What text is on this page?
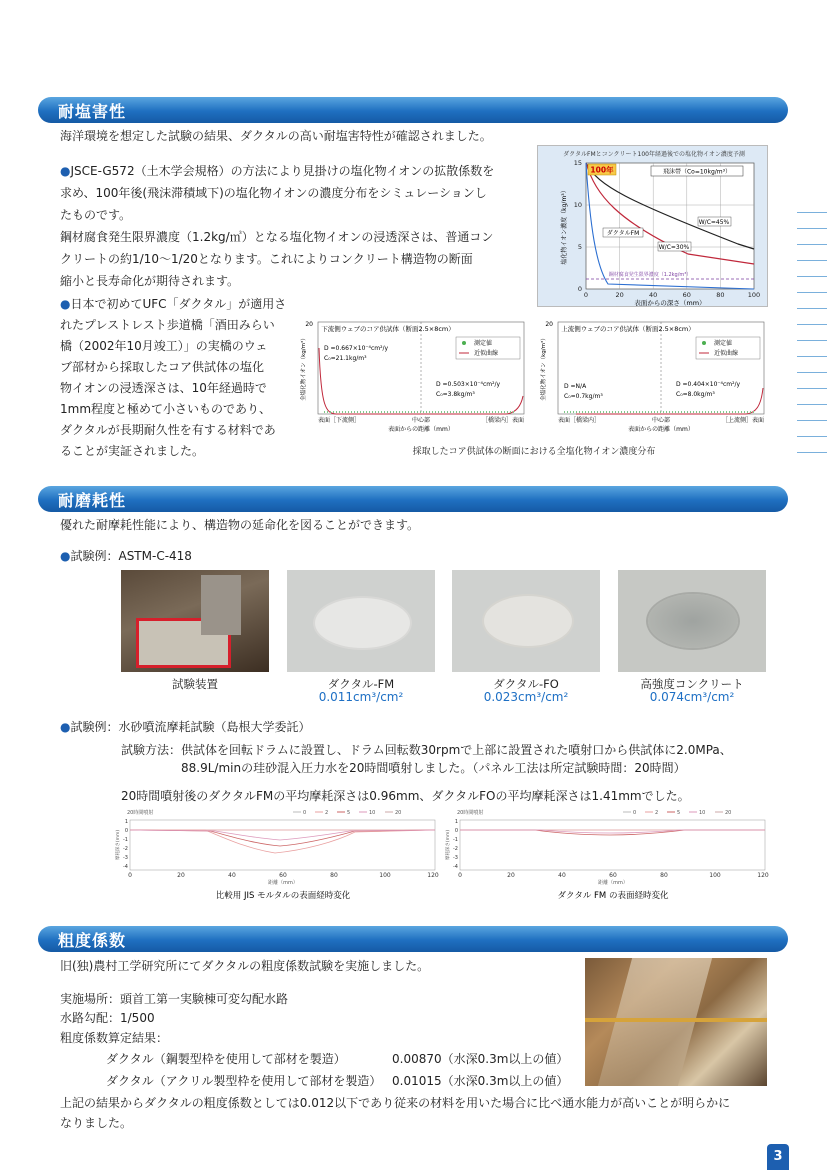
耐塩害性
海洋環境を想定した試験の結果、ダクタルの高い耐塩害特性が確認されました。
●JSCE-G572（土木学会規格）の方法により見掛けの塩化物イオンの拡散係数を
求め、100年後(飛沫滞積域下)の塩化物イオンの濃度分布をシミュレーションし
たものです。
鋼材腐食発生限界濃度（1.2kg/㎥）となる塩化物イオンの浸透深さは、普通コン
クリートの約1/10～1/20となります。これによりコンクリート構造物の断面
縮小と長寿命化が期待されます。
●日本で初めてUFC「ダクタル」が適用さ
れたプレストレスト歩道橋「酒田みらい
橋（2002年10月竣工）」の実橋のウェ
ブ部材から採取したコア供試体の塩化
物イオンの浸透深さは、10年経過時で
1mm程度と極めて小さいものであり、
ダクタルが長期耐久性を有する材料であ
ることが実証されました。
ダクタルFMとコンクリート100年経過後での塩化物イオン濃度予測
100年	飛沫帯（Co=10kg/m³）
W/C=45%
ダクタルFM
W/C=30%
鋼材腐食発生限界濃度（1.2kg/m³）
0	20	40	60	80	100
0
5
10
15
表面からの深さ（mm）
塩化物イオン濃度（kg/m³）
下流側ウェブのコア供試体（断面2.5×8cm）
20
D =0.667×10⁻⁴cm²/y
C₀=21.1kg/m³
D =0.503×10⁻⁴cm²/y
C₀=3.8kg/m³
測定値
近似曲線
表面［下流側］	中心部	［橋梁内］表面
表面からの距離（mm）
全塩化物イオン（kg/m³）
上流側ウェブのコア供試体（断面2.5×8cm）
20
D =N/A
C₀=0.7kg/m³
D =0.404×10⁻⁴cm²/y
C₀=8.0kg/m³
測定値
近似曲線
表面［橋梁内］	中心部	［上流側］表面
表面からの距離（mm）
全塩化物イオン（kg/m³）
採取したコア供試体の断面における全塩化物イオン濃度分布
耐磨耗性
優れた耐摩耗性能により、構造物の延命化を図ることができます。
●試験例：ASTM-C-418
試験装置	ダクタル-FM
0.011cm³/cm²
ダクタル-FO
0.023cm³/cm²
高強度コンクリート
0.074cm³/cm²
●試験例：水砂噴流摩耗試験（島根大学委託）
試験方法：供試体を回転ドラムに設置し、ドラム回転数30rpmで上部に設置された噴射口から供試体に2.0MPa、
88.9L/minの珪砂混入圧力水を20時間噴射しました。（パネル工法は所定試験時間：20時間）
20時間噴射後のダクタルFMの平均摩耗深さは0.96mm、ダクタルFOの平均摩耗深さは1.41mmでした。
20時間噴射	0	2	5	10	20
0	20	40	60	80	100	120
距離（mm）
1
0
-1
-2
-3
-4
摩耗深さ(mm)
比較用 JIS モルタルの表面経時変化
20時間噴射	0	2	5	10	20
0	20	40	60	80	100	120
距離（mm）
1
0
-1
-2
-3
-4
摩耗深さ(mm)
ダクタル FM の表面経時変化
粗度係数
旧(独)農村工学研究所にてダクタルの粗度係数試験を実施しました。
実施場所：頭首工第一実験棟可変勾配水路
水路勾配：1/500
粗度係数算定結果：
ダクタル（鋼製型枠を使用して部材を製造）	0.00870（水深0.3m以上の値）
ダクタル（アクリル製型枠を使用して部材を製造） 0.01015（水深0.3m以上の値）
上記の結果からダクタルの粗度係数としては0.012以下であり従来の材料を用いた場合に比べ通水能力が高いことが明らかに
なりました。
3
